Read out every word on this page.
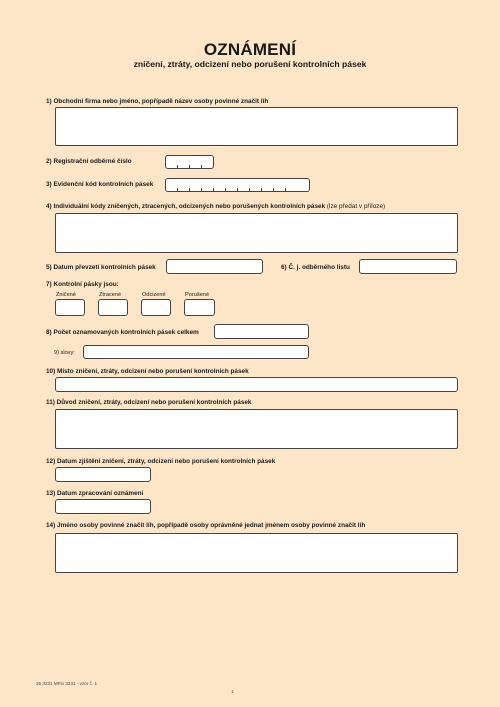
OZNÁMENÍ
zničení, ztráty, odcizení nebo porušení kontrolních pásek
1) Obchodní firma nebo jméno, popřípadě název osoby povinné značit líh
2) Registrační odběrné číslo
3) Evidenční kód kontrolních pásek
4) Individuální kódy zničených, ztracených, odcizených nebo porušených kontrolních pásek (lze předat v příloze)
5) Datum převzetí kontrolních pásek	6) Č. j. odběrného listu
7) Kontrolní pásky jsou:
Zničené	Ztracené	Odcizené	Porušené
8) Počet oznamovaných kontrolních pásek celkem
9) slovy:
10) Místo zničení, ztráty, odcizení nebo porušení kontrolních pásek
11) Důvod zničení, ztráty, odcizení nebo porušení kontrolních pásek
12) Datum zjištění zničení, ztráty, odcizení nebo porušení kontrolních pásek
13) Datum zpracování oznámení
14) Jméno osoby povinné značit líh, popřípadě osoby oprávněné jednat jménem osoby povinné značit líh
25 3231 MFin 3231 - vzor č. 1
1
